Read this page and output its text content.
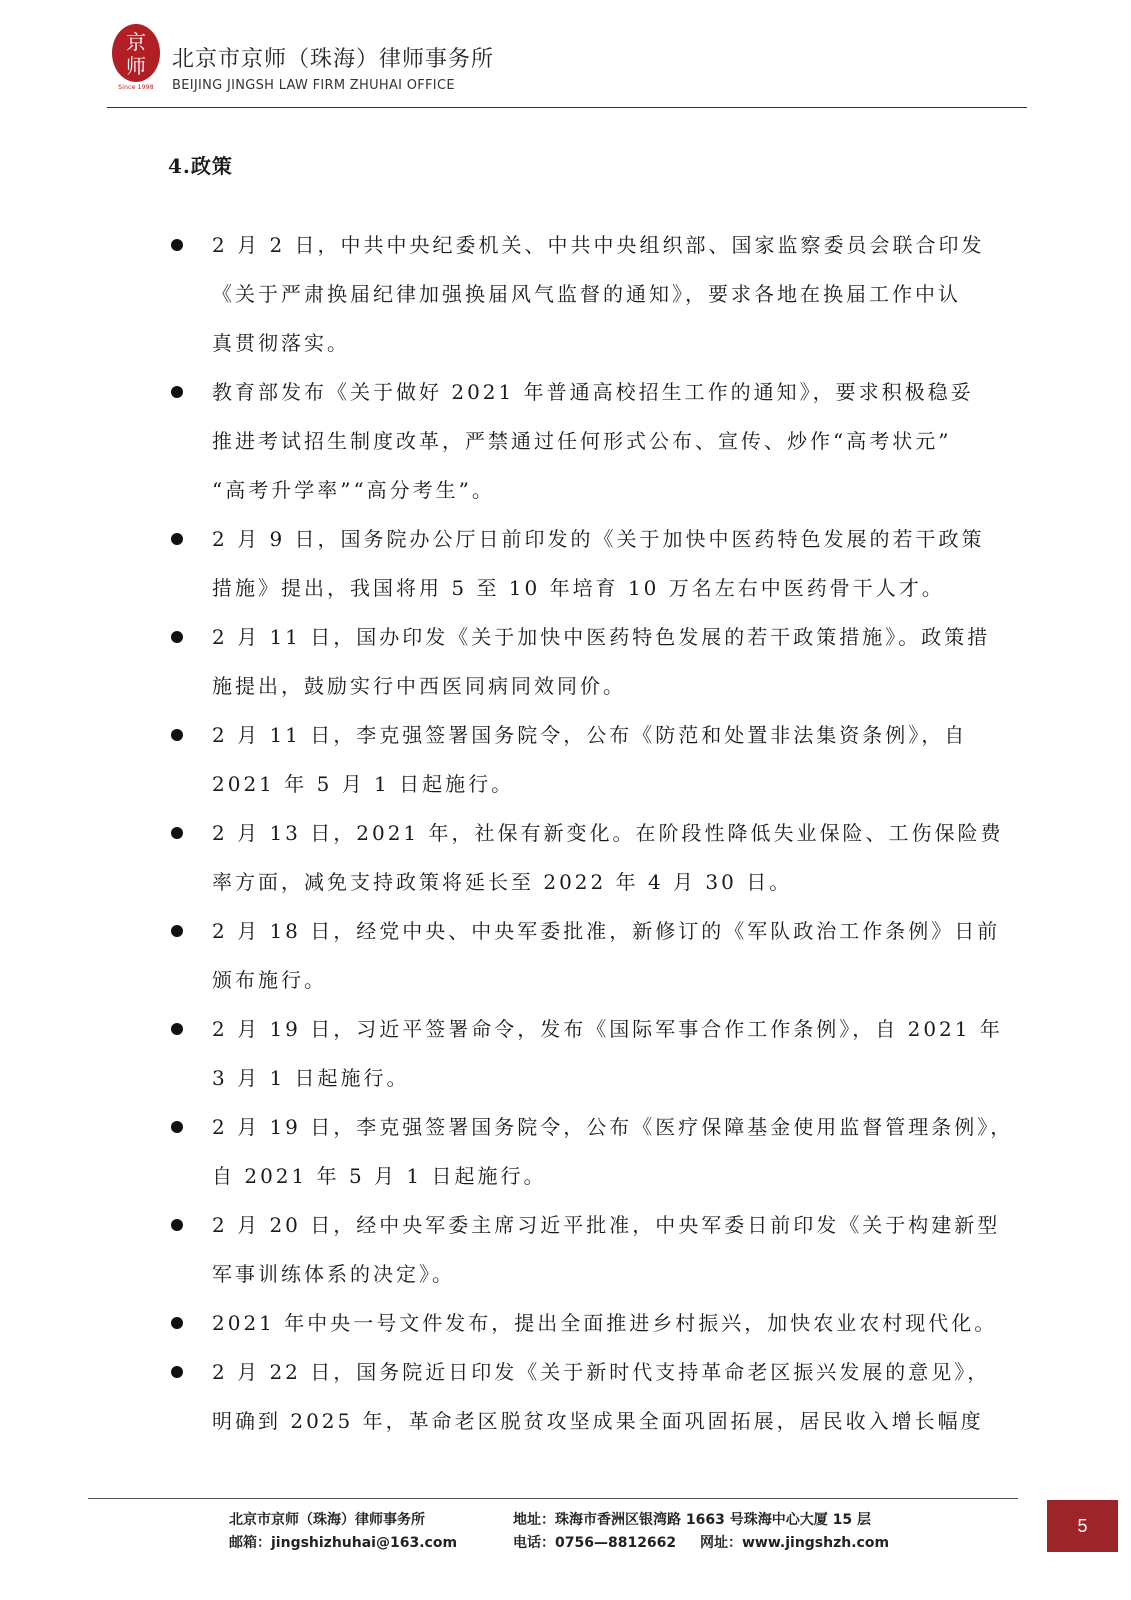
京
师
Since 1998
北京市京师（珠海）律师事务所
BEIJING JINGSH LAW FIRM ZHUHAI OFFICE
4.政策
2 月 2 日，中共中央纪委机关、中共中央组织部、国家监察委员会联合印发
《关于严肃换届纪律加强换届风气监督的通知》，要求各地在换届工作中认
真贯彻落实。
教育部发布《关于做好 2021 年普通高校招生工作的通知》，要求积极稳妥
推进考试招生制度改革，严禁通过任何形式公布、宣传、炒作“高考状元”
“高考升学率”“高分考生”。
2 月 9 日，国务院办公厅日前印发的《关于加快中医药特色发展的若干政策
措施》提出，我国将用 5 至 10 年培育 10 万名左右中医药骨干人才。
2 月 11 日，国办印发《关于加快中医药特色发展的若干政策措施》。政策措
施提出，鼓励实行中西医同病同效同价。
2 月 11 日，李克强签署国务院令，公布《防范和处置非法集资条例》，自
2021 年 5 月 1 日起施行。
2 月 13 日，2021 年，社保有新变化。在阶段性降低失业保险、工伤保险费
率方面，减免支持政策将延长至 2022 年 4 月 30 日。
2 月 18 日，经党中央、中央军委批准，新修订的《军队政治工作条例》日前
颁布施行。
2 月 19 日，习近平签署命令，发布《国际军事合作工作条例》，自 2021 年
3 月 1 日起施行。
2 月 19 日，李克强签署国务院令，公布《医疗保障基金使用监督管理条例》，
自 2021 年 5 月 1 日起施行。
2 月 20 日，经中央军委主席习近平批准，中央军委日前印发《关于构建新型
军事训练体系的决定》。
2021 年中央一号文件发布，提出全面推进乡村振兴，加快农业农村现代化。
2 月 22 日，国务院近日印发《关于新时代支持革命老区振兴发展的意见》，
明确到 2025 年，革命老区脱贫攻坚成果全面巩固拓展，居民收入增长幅度
北京市京师（珠海）律师事务所
邮箱：jingshizhuhai@163.com
地址：珠海市香洲区银湾路 1663 号珠海中心大厦 15 层
电话：0756—8812662 网址：www.jingshzh.com
5
